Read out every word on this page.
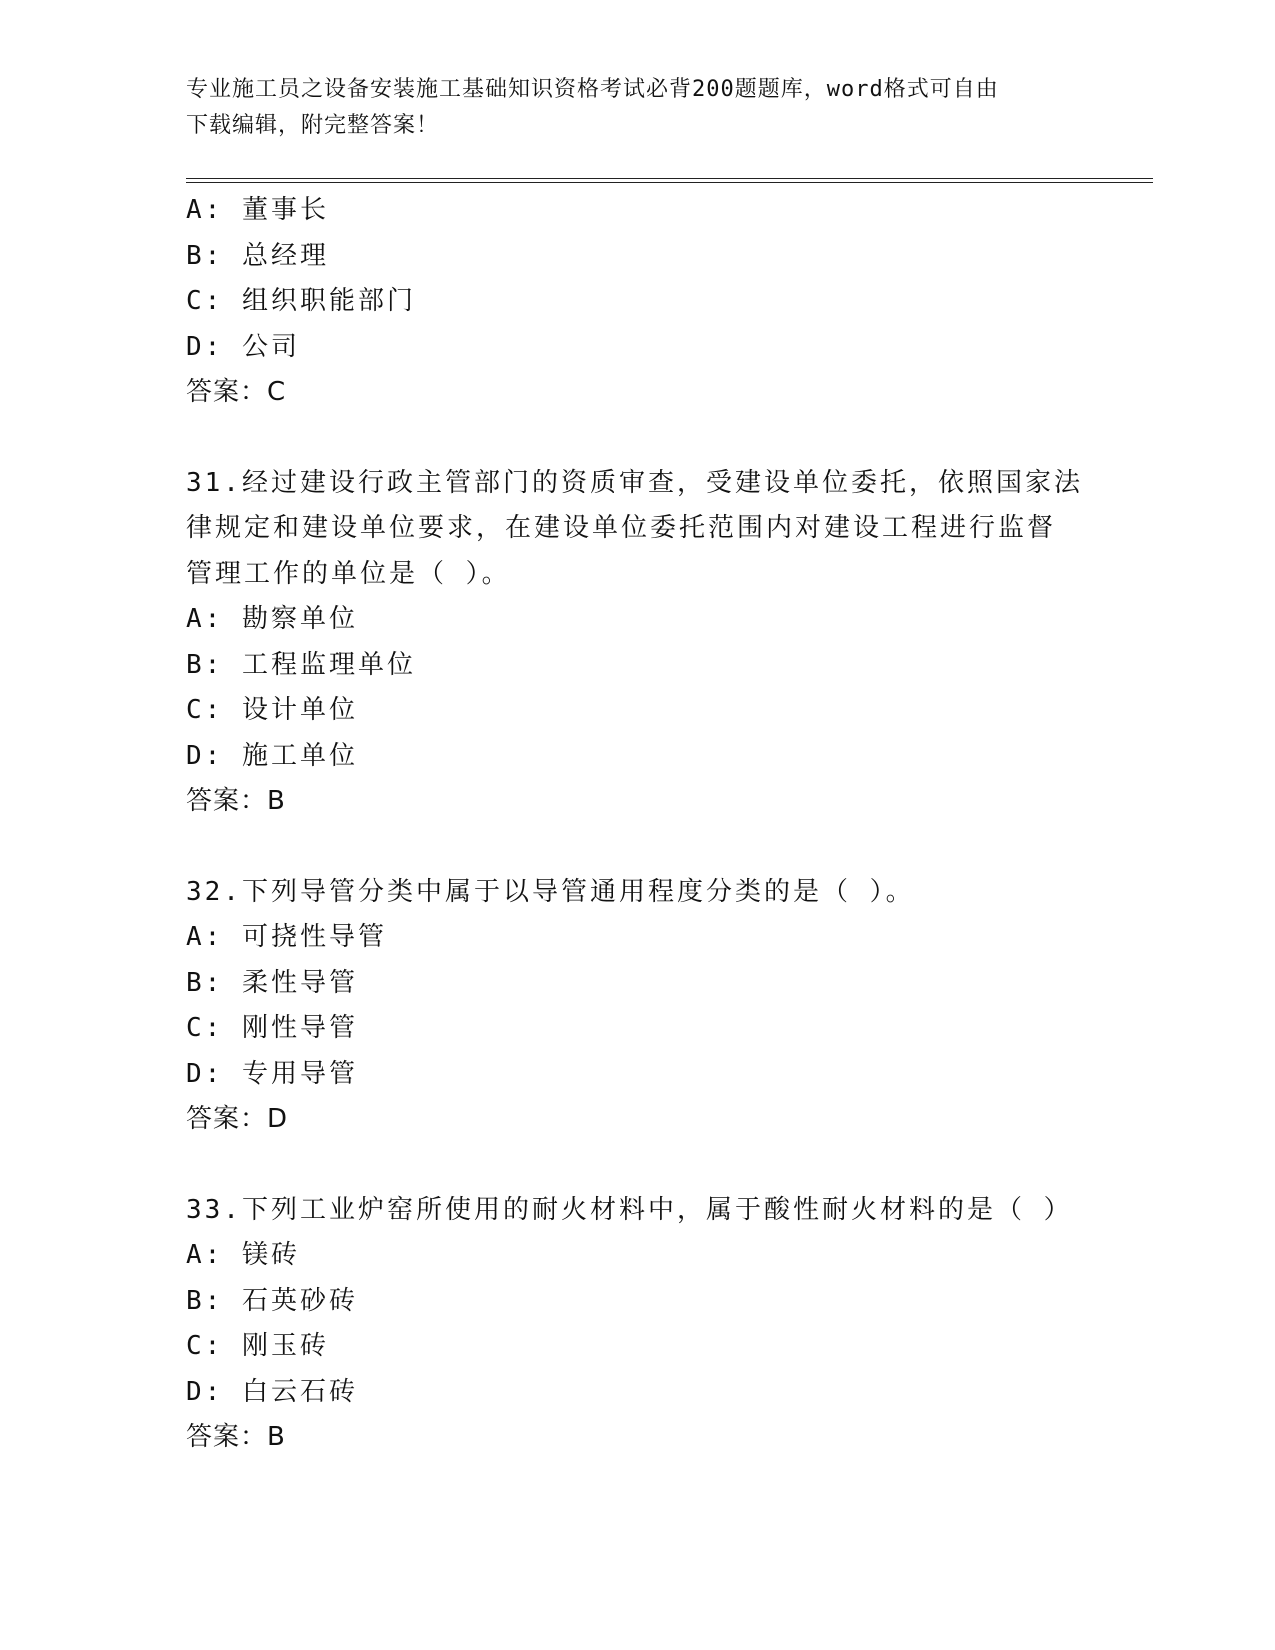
专业施工员之设备安装施工基础知识资格考试必背200题题库，word格式可自由
下载编辑，附完整答案！
A: 董事长
B: 总经理
C: 组织职能部门
D: 公司
答案：C
31.经过建设行政主管部门的资质审查，受建设单位委托，依照国家法
律规定和建设单位要求，在建设单位委托范围内对建设工程进行监督
管理工作的单位是（ ）。
A: 勘察单位
B: 工程监理单位
C: 设计单位
D: 施工单位
答案：B
32.下列导管分类中属于以导管通用程度分类的是（ ）。
A: 可挠性导管
B: 柔性导管
C: 刚性导管
D: 专用导管
答案：D
33.下列工业炉窑所使用的耐火材料中，属于酸性耐火材料的是（ ）
A: 镁砖
B: 石英砂砖
C: 刚玉砖
D: 白云石砖
答案：B
